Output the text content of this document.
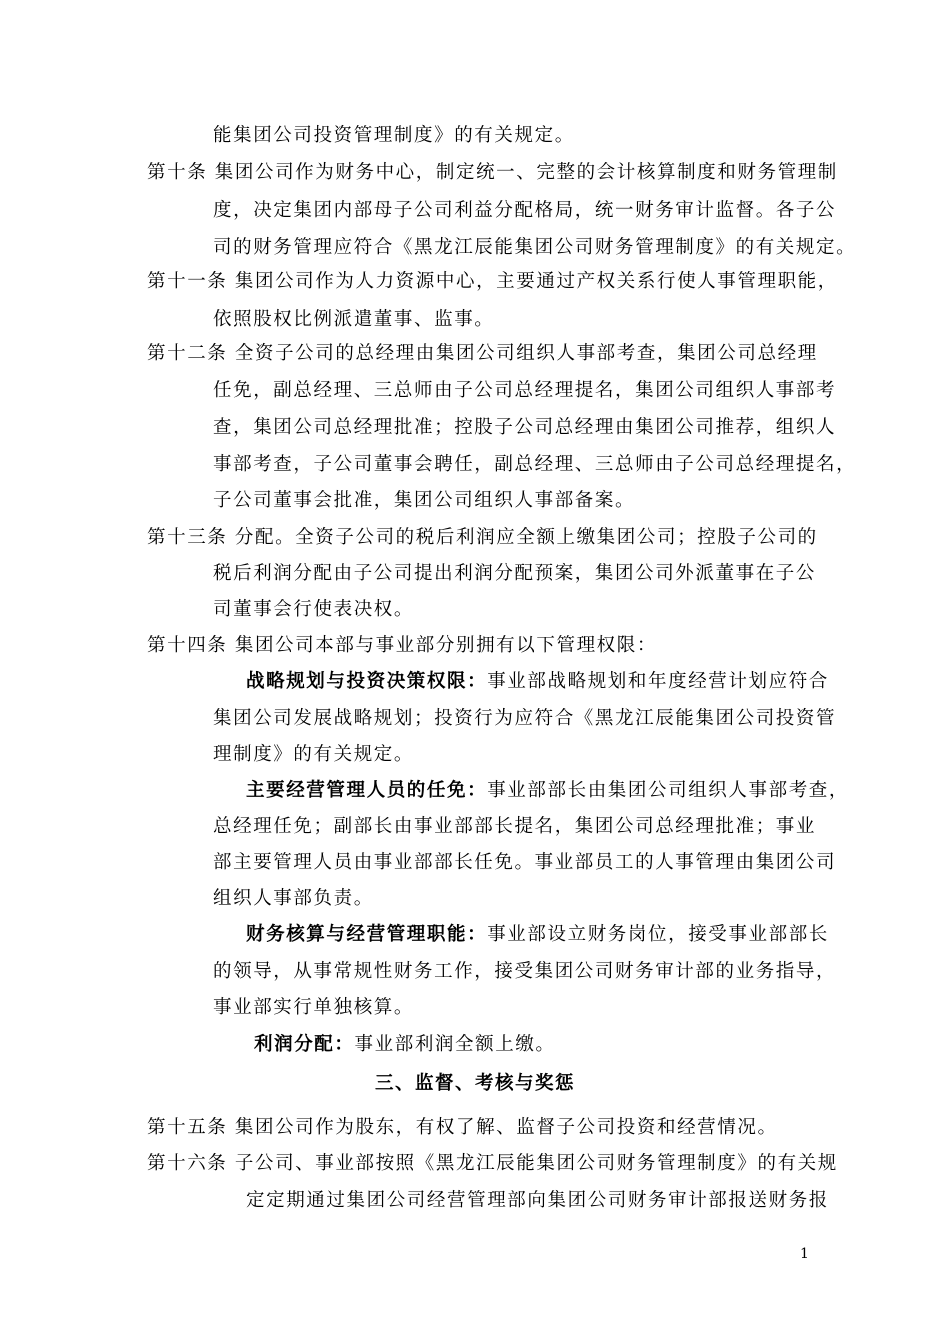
能集团公司投资管理制度》的有关规定。
第十条 集团公司作为财务中心，制定统一、完整的会计核算制度和财务管理制
度，决定集团内部母子公司利益分配格局，统一财务审计监督。各子公
司的财务管理应符合《黑龙江辰能集团公司财务管理制度》的有关规定。
第十一条 集团公司作为人力资源中心，主要通过产权关系行使人事管理职能，
依照股权比例派遣董事、监事。
第十二条 全资子公司的总经理由集团公司组织人事部考查，集团公司总经理
任免，副总经理、三总师由子公司总经理提名，集团公司组织人事部考
查，集团公司总经理批准；控股子公司总经理由集团公司推荐，组织人
事部考查，子公司董事会聘任，副总经理、三总师由子公司总经理提名，
子公司董事会批准，集团公司组织人事部备案。
第十三条 分配。全资子公司的税后利润应全额上缴集团公司；控股子公司的
税后利润分配由子公司提出利润分配预案，集团公司外派董事在子公
司董事会行使表决权。
第十四条 集团公司本部与事业部分别拥有以下管理权限：
战略规划与投资决策权限：事业部战略规划和年度经营计划应符合
集团公司发展战略规划；投资行为应符合《黑龙江辰能集团公司投资管
理制度》的有关规定。
主要经营管理人员的任免：事业部部长由集团公司组织人事部考查，
总经理任免；副部长由事业部部长提名，集团公司总经理批准；事业
部主要管理人员由事业部部长任免。事业部员工的人事管理由集团公司
组织人事部负责。
财务核算与经营管理职能：事业部设立财务岗位，接受事业部部长
的领导，从事常规性财务工作，接受集团公司财务审计部的业务指导，
事业部实行单独核算。
利润分配：事业部利润全额上缴。
三、监督、考核与奖惩
第十五条 集团公司作为股东，有权了解、监督子公司投资和经营情况。
第十六条 子公司、事业部按照《黑龙江辰能集团公司财务管理制度》的有关规
定定期通过集团公司经营管理部向集团公司财务审计部报送财务报
1
